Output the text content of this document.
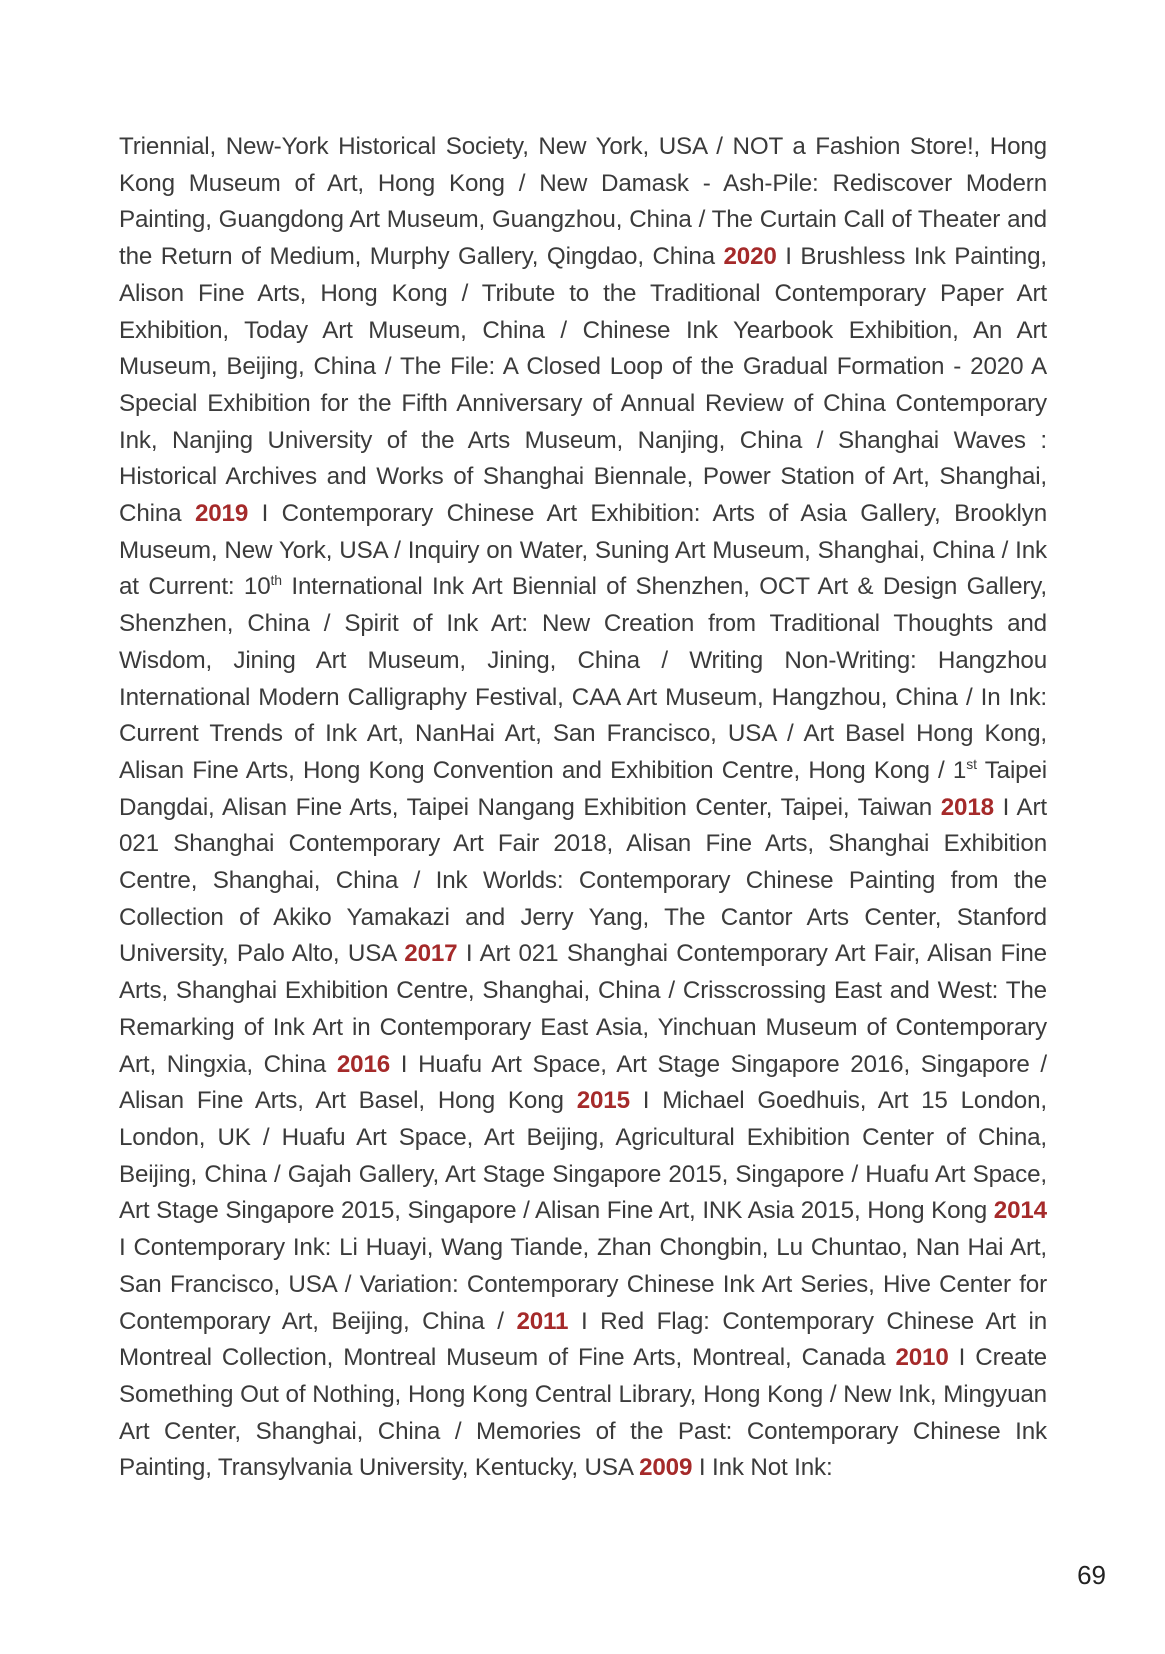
Triennial, New-York Historical Society, New York, USA / NOT a Fashion Store!, Hong Kong Museum of Art, Hong Kong / New Damask - Ash-Pile: Rediscover Modern Painting, Guangdong Art Museum, Guangzhou, China / The Curtain Call of Theater and the Return of Medium, Murphy Gallery, Qingdao, China 2020 I Brushless Ink Painting, Alison Fine Arts, Hong Kong / Tribute to the Traditional Contemporary Paper Art Exhibition, Today Art Museum, China / Chinese Ink Yearbook Exhibition, An Art Museum, Beijing, China / The File: A Closed Loop of the Gradual Formation - 2020 A Special Exhibition for the Fifth Anniversary of Annual Review of China Contemporary Ink, Nanjing University of the Arts Museum, Nanjing, China / Shanghai Waves : Historical Archives and Works of Shanghai Biennale, Power Station of Art, Shanghai, China 2019 I Contemporary Chinese Art Exhibition: Arts of Asia Gallery, Brooklyn Museum, New York, USA / Inquiry on Water, Suning Art Museum, Shanghai, China / Ink at Current: 10th International Ink Art Biennial of Shenzhen, OCT Art & Design Gallery, Shenzhen, China / Spirit of Ink Art: New Creation from Traditional Thoughts and Wisdom, Jining Art Museum, Jining, China / Writing Non-Writing: Hangzhou International Modern Calligraphy Festival, CAA Art Museum, Hangzhou, China / In Ink: Current Trends of Ink Art, NanHai Art, San Francisco, USA / Art Basel Hong Kong, Alisan Fine Arts, Hong Kong Convention and Exhibition Centre, Hong Kong / 1st Taipei Dangdai, Alisan Fine Arts, Taipei Nangang Exhibition Center, Taipei, Taiwan 2018 I Art 021 Shanghai Contemporary Art Fair 2018, Alisan Fine Arts, Shanghai Exhibition Centre, Shanghai, China / Ink Worlds: Contemporary Chinese Painting from the Collection of Akiko Yamakazi and Jerry Yang, The Cantor Arts Center, Stanford University, Palo Alto, USA 2017 I Art 021 Shanghai Contemporary Art Fair, Alisan Fine Arts, Shanghai Exhibition Centre, Shanghai, China / Crisscrossing East and West: The Remarking of Ink Art in Contemporary East Asia, Yinchuan Museum of Contemporary Art, Ningxia, China 2016 I Huafu Art Space, Art Stage Singapore 2016, Singapore / Alisan Fine Arts, Art Basel, Hong Kong 2015 I Michael Goedhuis, Art 15 London, London, UK / Huafu Art Space, Art Beijing, Agricultural Exhibition Center of China, Beijing, China / Gajah Gallery, Art Stage Singapore 2015, Singapore / Huafu Art Space, Art Stage Singapore 2015, Singapore / Alisan Fine Art, INK Asia 2015, Hong Kong 2014 I Contemporary Ink: Li Huayi, Wang Tiande, Zhan Chongbin, Lu Chuntao, Nan Hai Art, San Francisco, USA / Variation: Contemporary Chinese Ink Art Series, Hive Center for Contemporary Art, Beijing, China / 2011 I Red Flag: Contemporary Chinese Art in Montreal Collection, Montreal Museum of Fine Arts, Montreal, Canada 2010 I Create Something Out of Nothing, Hong Kong Central Library, Hong Kong / New Ink, Mingyuan Art Center, Shanghai, China / Memories of the Past: Contemporary Chinese Ink Painting, Transylvania University, Kentucky, USA 2009 I Ink Not Ink:

69
